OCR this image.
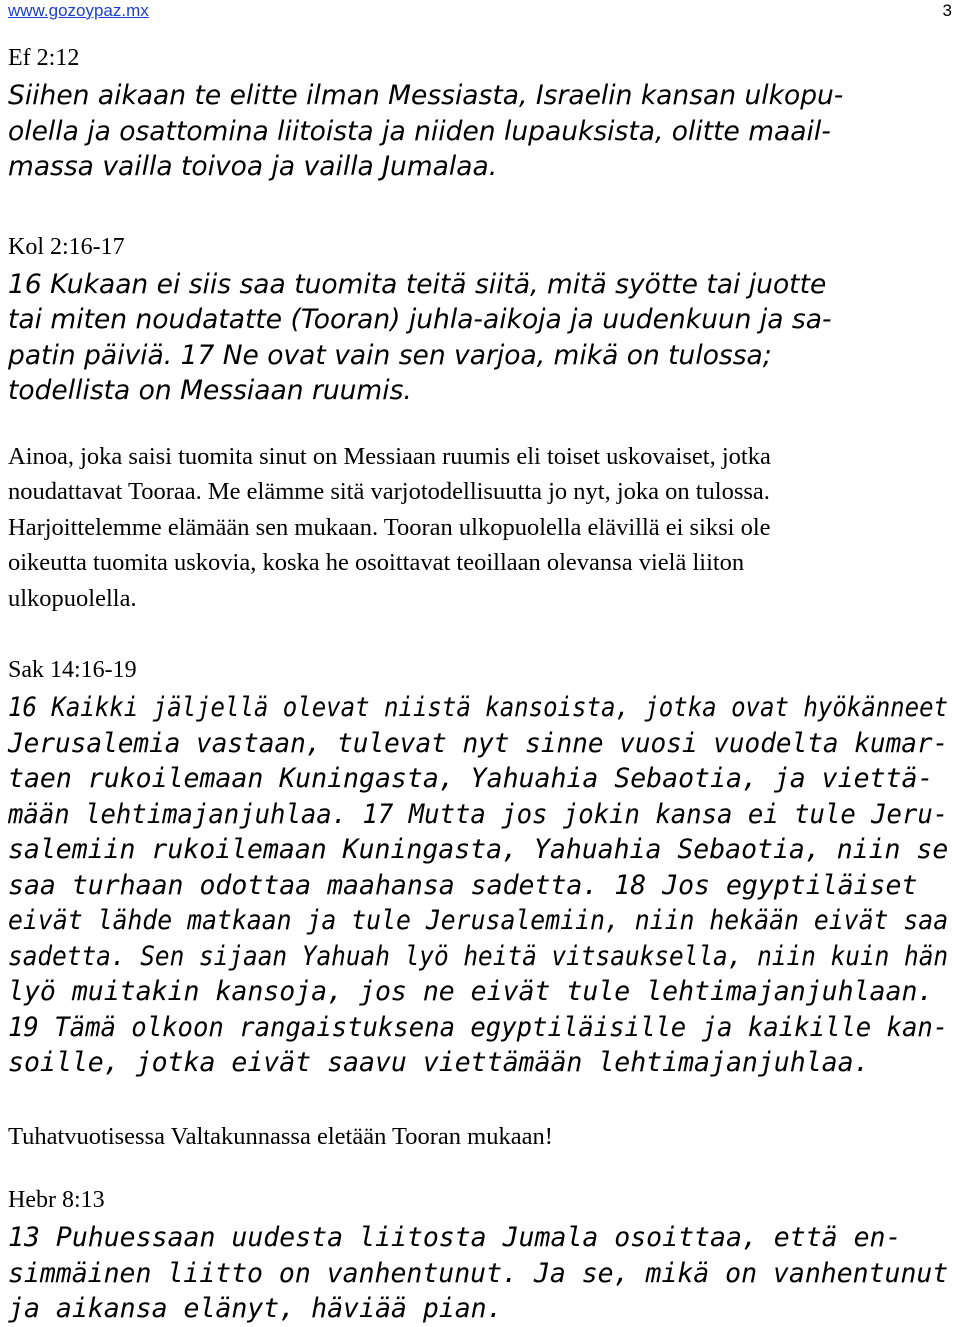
www.gozoypaz.mx	3

Ef 2:12

Siihen aikaan te elitte ilman Messiasta, Israelin kansan ulkopu-

olella ja osattomina liitoista ja niiden lupauksista, olitte maail-

massa vailla toivoa ja vailla Jumalaa.

Kol 2:16-17

16 Kukaan ei siis saa tuomita teitä siitä, mitä syötte tai juotte

tai miten noudatatte (Tooran) juhla-aikoja ja uudenkuun ja sa-

patin päiviä. 17 Ne ovat vain sen varjoa, mikä on tulossa;

todellista on Messiaan ruumis.

Ainoa, joka saisi tuomita sinut on Messiaan ruumis eli toiset uskovaiset, jotka

noudattavat Tooraa. Me elämme sitä varjotodellisuutta jo nyt, joka on tulossa.

Harjoittelemme elämään sen mukaan. Tooran ulkopuolella elävillä ei siksi ole

oikeutta tuomita uskovia, koska he osoittavat teoillaan olevansa vielä liiton

ulkopuolella.

Sak 14:16-19

16 Kaikki jäljellä olevat niistä kansoista, jotka ovat hyökänneet

Jerusalemia vastaan, tulevat nyt sinne vuosi vuodelta kumar-

taen rukoilemaan Kuningasta, Yahuahia Sebaotia, ja viettä-

mään lehtimajanjuhlaa. 17 Mutta jos jokin kansa ei tule Jeru-

salemiin rukoilemaan Kuningasta, Yahuahia Sebaotia, niin se

saa turhaan odottaa maahansa sadetta. 18 Jos egyptiläiset

eivät lähde matkaan ja tule Jerusalemiin, niin hekään eivät saa

sadetta. Sen sijaan Yahuah lyö heitä vitsauksella, niin kuin hän

lyö muitakin kansoja, jos ne eivät tule lehtimajanjuhlaan.

19 Tämä olkoon rangaistuksena egyptiläisille ja kaikille kan-

soille, jotka eivät saavu viettämään lehtimajanjuhlaa.

Tuhatvuotisessa Valtakunnassa eletään Tooran mukaan!

Hebr 8:13

13 Puhuessaan uudesta liitosta Jumala osoittaa, että en-

simmäinen liitto on vanhentunut. Ja se, mikä on vanhentunut

ja aikansa elänyt, häviää pian.
